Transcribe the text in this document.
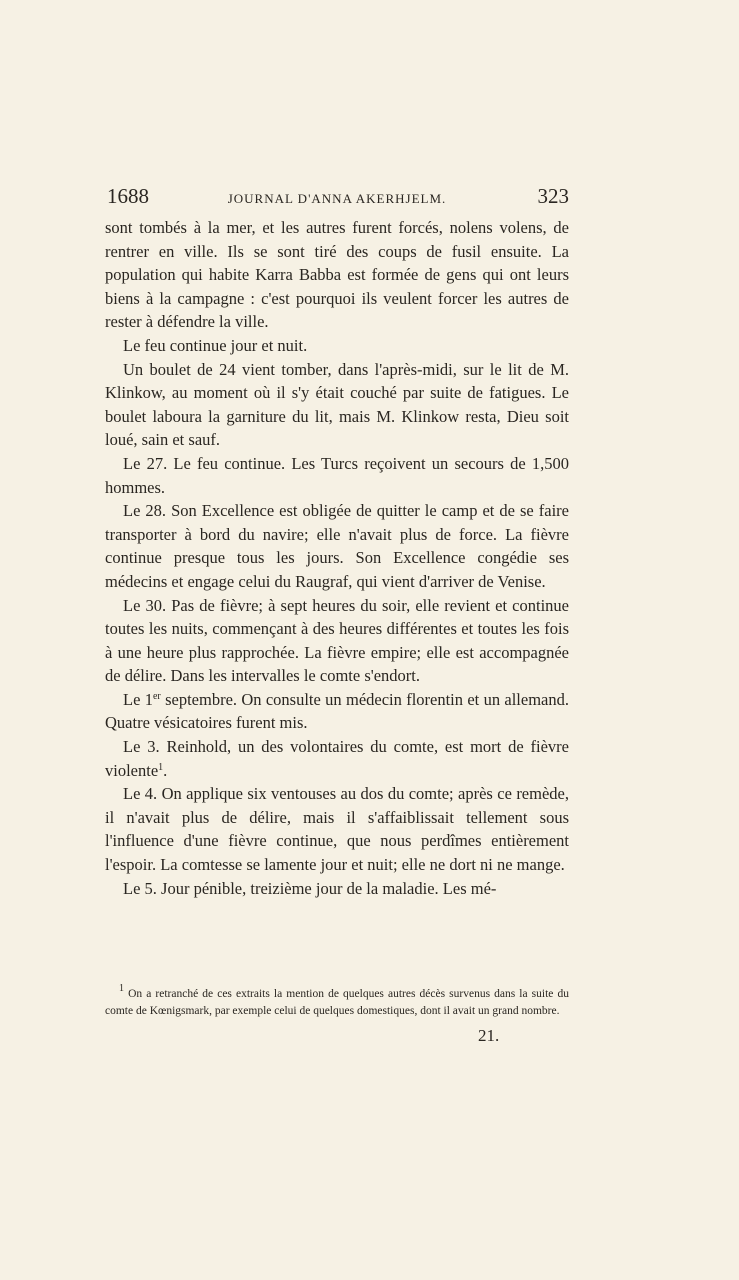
1688	JOURNAL D'ANNA AKERHJELM.	323

sont tombés à la mer, et les autres furent forcés, nolens volens, de rentrer en ville. Ils se sont tiré des coups de fusil ensuite. La population qui habite Karra Babba est formée de gens qui ont leurs biens à la campagne : c'est pourquoi ils veulent forcer les autres de rester à défendre la ville.

Le feu continue jour et nuit.

Un boulet de 24 vient tomber, dans l'après-midi, sur le lit de M. Klinkow, au moment où il s'y était couché par suite de fatigues. Le boulet laboura la garniture du lit, mais M. Klinkow resta, Dieu soit loué, sain et sauf.

Le 27. Le feu continue. Les Turcs reçoivent un secours de 1,500 hommes.

Le 28. Son Excellence est obligée de quitter le camp et de se faire transporter à bord du navire; elle n'avait plus de force. La fièvre continue presque tous les jours. Son Excellence congédie ses médecins et engage celui du Raugraf, qui vient d'arriver de Venise.

Le 30. Pas de fièvre; à sept heures du soir, elle revient et continue toutes les nuits, commençant à des heures différentes et toutes les fois à une heure plus rapprochée. La fièvre empire; elle est accompagnée de délire. Dans les intervalles le comte s'endort.

Le 1er septembre. On consulte un médecin florentin et un allemand. Quatre vésicatoires furent mis.

Le 3. Reinhold, un des volontaires du comte, est mort de fièvre violente$^1$.

Le 4. On applique six ventouses au dos du comte; après ce remède, il n'avait plus de délire, mais il s'affaiblissait tellement sous l'influence d'une fièvre continue, que nous perdîmes entièrement l'espoir. La comtesse se lamente jour et nuit; elle ne dort ni ne mange.

Le 5. Jour pénible, treizième jour de la maladie. Les mé-

$^1$ On a retranché de ces extraits la mention de quelques autres décès survenus dans la suite du comte de Kœnigsmark, par exemple celui de quelques domestiques, dont il avait un grand nombre.

21.
